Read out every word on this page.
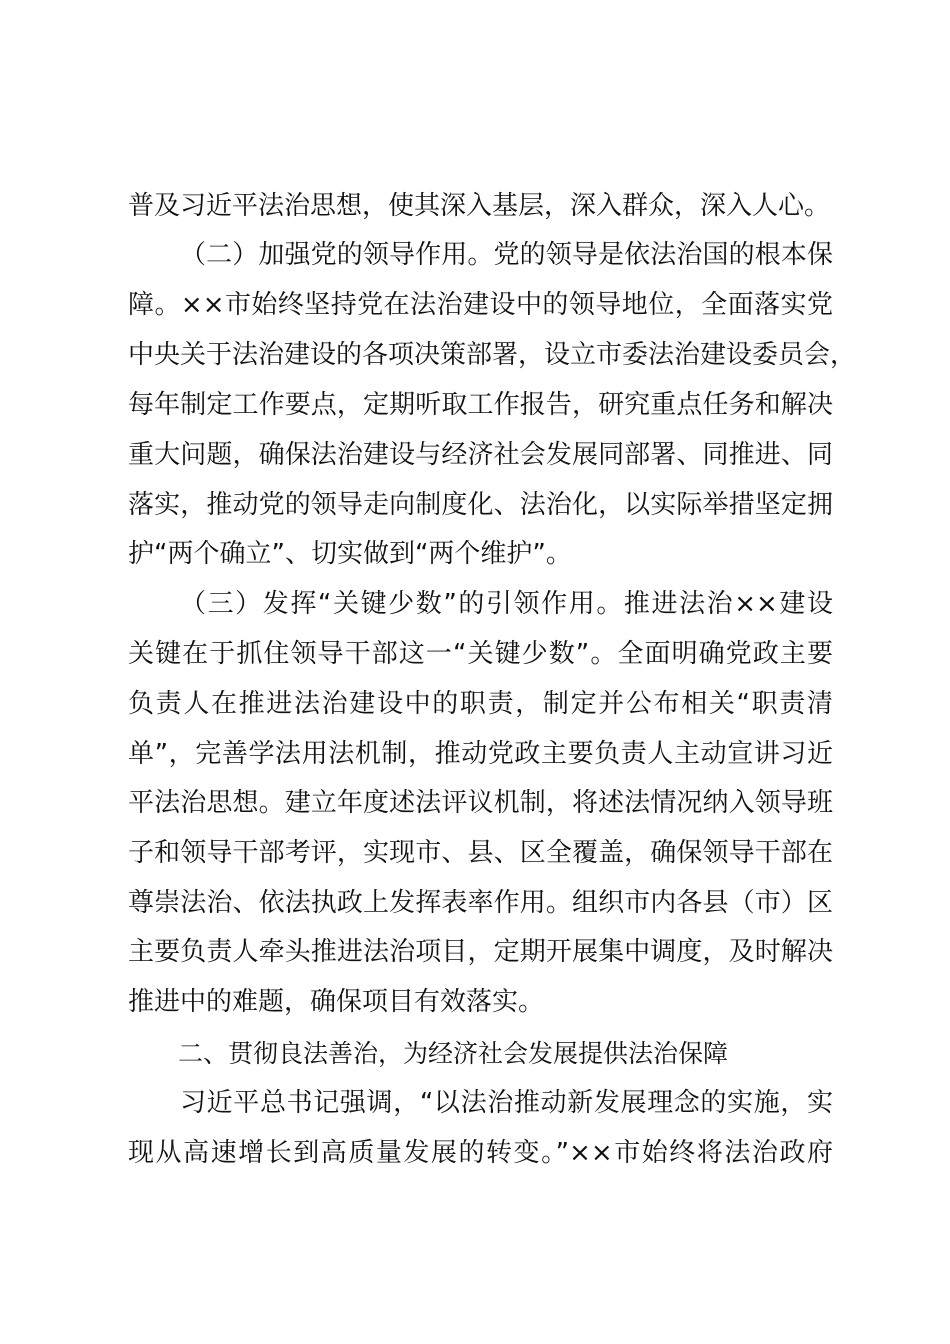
普及习近平法治思想，使其深入基层，深入群众，深入人心。
（二）加强党的领导作用。党的领导是依法治国的根本保
障。××市始终坚持党在法治建设中的领导地位，全面落实党
中央关于法治建设的各项决策部署，设立市委法治建设委员会，
每年制定工作要点，定期听取工作报告，研究重点任务和解决
重大问题，确保法治建设与经济社会发展同部署、同推进、同
落实，推动党的领导走向制度化、法治化，以实际举措坚定拥
护“两个确立”、切实做到“两个维护”。
（三）发挥“关键少数”的引领作用。推进法治××建设
关键在于抓住领导干部这一“关键少数”。全面明确党政主要
负责人在推进法治建设中的职责，制定并公布相关“职责清
单”，完善学法用法机制，推动党政主要负责人主动宣讲习近
平法治思想。建立年度述法评议机制，将述法情况纳入领导班
子和领导干部考评，实现市、县、区全覆盖，确保领导干部在
尊崇法治、依法执政上发挥表率作用。组织市内各县（市）区
主要负责人牵头推进法治项目，定期开展集中调度，及时解决
推进中的难题，确保项目有效落实。
二、贯彻良法善治，为经济社会发展提供法治保障
习近平总书记强调，“以法治推动新发展理念的实施，实
现从高速增长到高质量发展的转变。”××市始终将法治政府
